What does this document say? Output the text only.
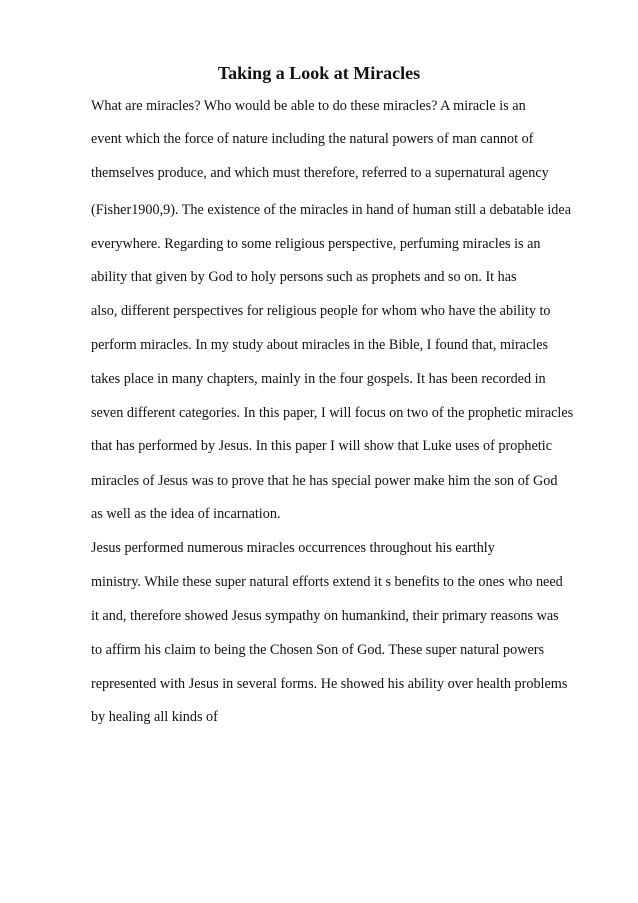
Taking a Look at Miracles
What are miracles? Who would be able to do these miracles? A miracle is an
event which the force of nature including the natural powers of man cannot of
themselves produce, and which must therefore, referred to a supernatural agency
(Fisher1900,9). The existence of the miracles in hand of human still a debatable idea
everywhere. Regarding to some religious perspective, perfuming miracles is an
ability that given by God to holy persons such as prophets and so on. It has
also, different perspectives for religious people for whom who have the ability to
perform miracles. In my study about miracles in the Bible, I found that, miracles
takes place in many chapters, mainly in the four gospels. It has been recorded in
seven different categories. In this paper, I will focus on two of the prophetic miracles
that has performed by Jesus. In this paper I will show that Luke uses of prophetic
miracles of Jesus was to prove that he has special power make him the son of God
as well as the idea of incarnation.
Jesus performed numerous miracles occurrences throughout his earthly
ministry. While these super natural efforts extend it s benefits to the ones who need
it and, therefore showed Jesus sympathy on humankind, their primary reasons was
to affirm his claim to being the Chosen Son of God. These super natural powers
represented with Jesus in several forms. He showed his ability over health problems
by healing all kinds of
